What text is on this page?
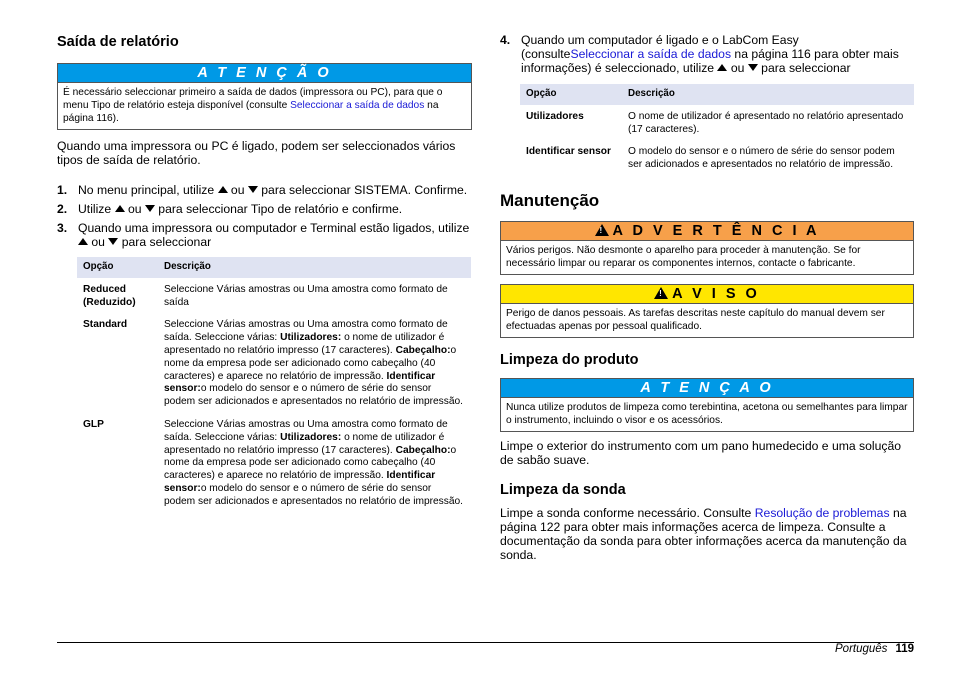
Saída de relatório
A T E N Ç Ã O
É necessário seleccionar primeiro a saída de dados (impressora ou PC), para que o menu Tipo de relatório esteja disponível (consulte Seleccionar a saída de dados na página 116).

Quando uma impressora ou PC é ligado, podem ser seleccionados vários tipos de saída de relatório.

1. No menu principal, utilize  ou  para seleccionar SISTEMA. Confirme.
2. Utilize  ou  para seleccionar Tipo de relatório e confirme.
3. Quando uma impressora ou computador e Terminal estão ligados, utilize  ou  para seleccionar
Opção	Descrição
Reduced (Reduzido)	Seleccione Várias amostras ou Uma amostra como formato de saída
Standard	Seleccione Várias amostras ou Uma amostra como formato de saída. Seleccione várias: Utilizadores: o nome de utilizador é apresentado no relatório impresso (17 caracteres). Cabeçalho:o nome da empresa pode ser adicionado como cabeçalho (40 caracteres) e aparece no relatório de impressão. Identificar sensor:o modelo do sensor e o número de série do sensor podem ser adicionados e apresentados no relatório de impressão.
GLP	Seleccione Várias amostras ou Uma amostra como formato de saída. Seleccione várias: Utilizadores: o nome de utilizador é apresentado no relatório impresso (17 caracteres). Cabeçalho:o nome da empresa pode ser adicionado como cabeçalho (40 caracteres) e aparece no relatório de impressão. Identificar sensor:o modelo do sensor e o número de série do sensor podem ser adicionados e apresentados no relatório de impressão.
4. Quando um computador é ligado e o LabCom Easy (consulteSeleccionar a saída de dados na página 116 para obter mais informações) é seleccionado, utilize  ou  para seleccionar
Opção	Descrição
Utilizadores	O nome de utilizador é apresentado no relatório apresentado (17 caracteres).
Identificar sensor	O modelo do sensor e o número de série do sensor podem ser adicionados e apresentados no relatório de impressão.
Manutenção
! A D V E R T Ê N C I A
Vários perigos. Não desmonte o aparelho para proceder à manutenção. Se for necessário limpar ou reparar os componentes internos, contacte o fabricante.
! A V I S O
Perigo de danos pessoais. As tarefas descritas neste capítulo do manual devem ser efectuadas apenas por pessoal qualificado.
Limpeza do produto
A T E N Ç A O
Nunca utilize produtos de limpeza como terebintina, acetona ou semelhantes para limpar o instrumento, incluindo o visor e os acessórios.

Limpe o exterior do instrumento com um pano humedecido e uma solução de sabão suave.

Limpeza da sonda

Limpe a sonda conforme necessário. Consulte Resolução de problemas na página 122 para obter mais informações acerca de limpeza. Consulte a documentação da sonda para obter informações acerca da manutenção da sonda.

Português 119
